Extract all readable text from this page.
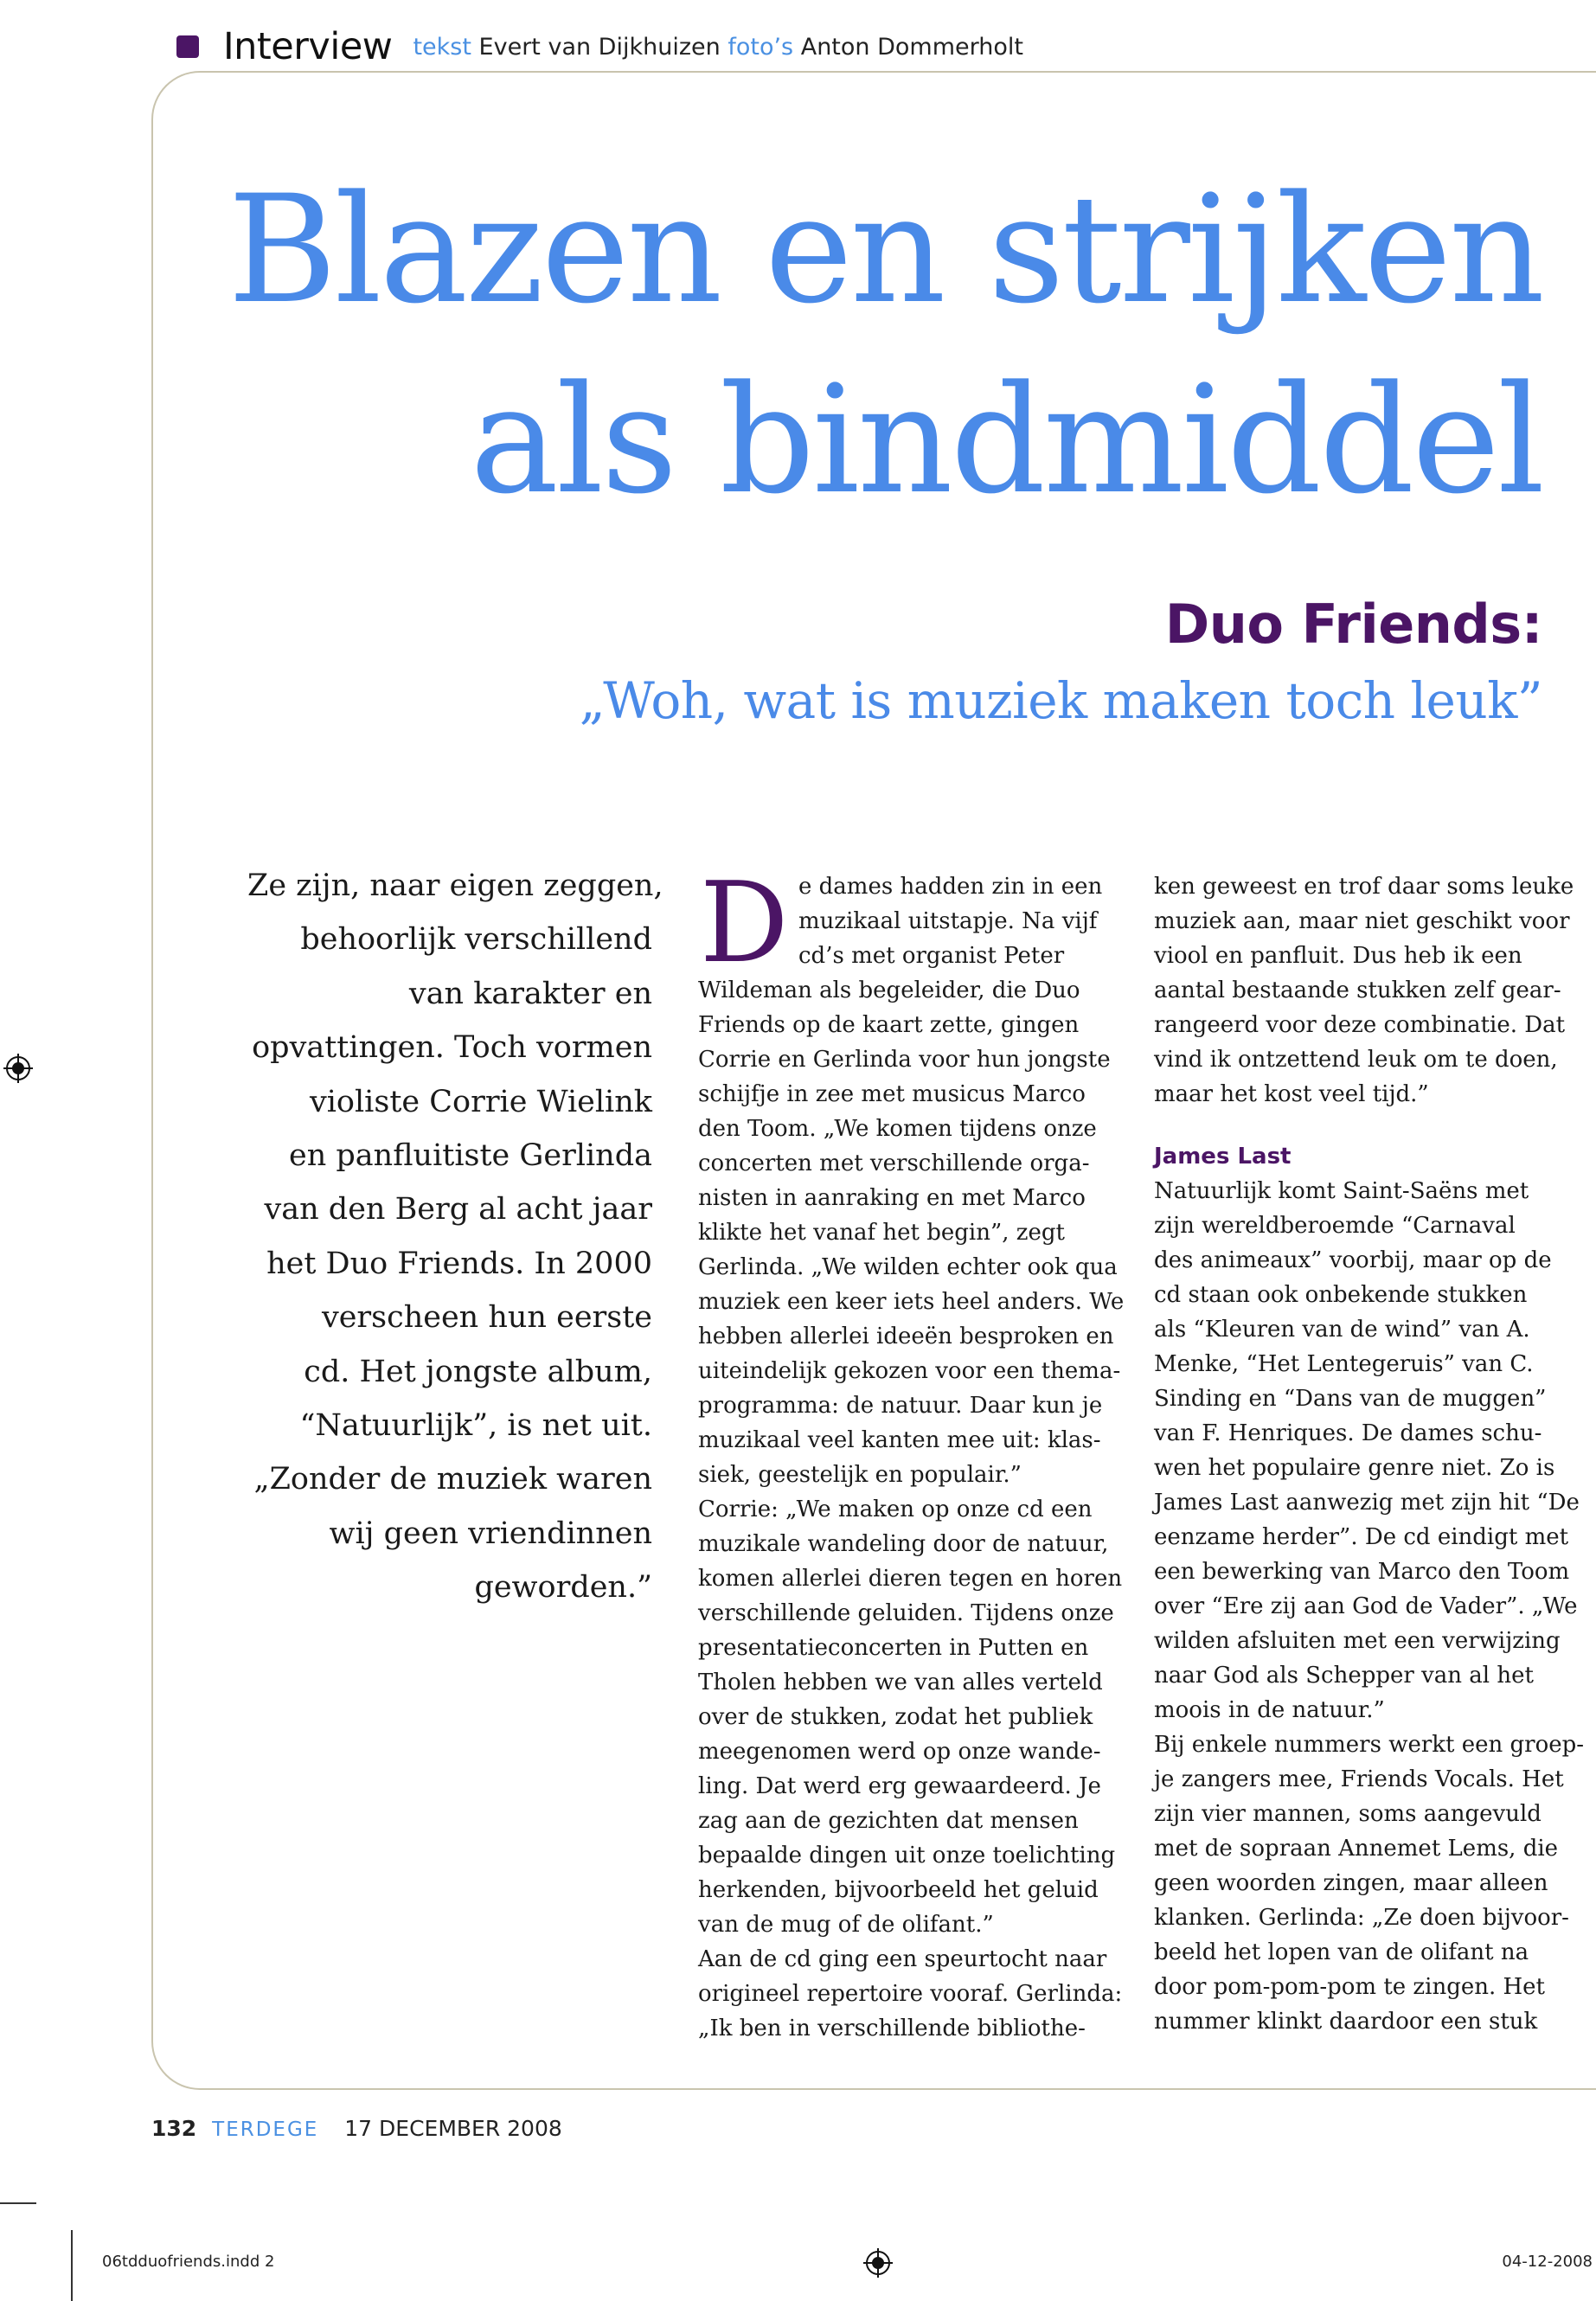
Interview tekst Evert van Dijkhuizen foto’s Anton Dommerholt
Blazen en strijken
als bindmiddel
Duo Friends:
„Woh, wat is muziek maken toch leuk”
Ze zijn, naar eigen zeggen,
behoorlijk verschillend
van karakter en
opvattingen. Toch vormen
violiste Corrie Wielink
en panfluitiste Gerlinda
van den Berg al acht jaar
het Duo Friends. In 2000
verscheen hun eerste
cd. Het jongste album,
“Natuurlijk”, is net uit.
„Zonder de muziek waren
wij geen vriendinnen
geworden.”
D e dames hadden zin in een
muzikaal uitstapje. Na vijf
cd’s met organist Peter
Wildeman als begeleider, die Duo
Friends op de kaart zette, gingen
Corrie en Gerlinda voor hun jongste
schijfje in zee met musicus Marco
den Toom. „We komen tijdens onze
concerten met verschillende orga-
nisten in aanraking en met Marco
klikte het vanaf het begin”, zegt
Gerlinda. „We wilden echter ook qua
muziek een keer iets heel anders. We
hebben allerlei ideeën besproken en
uiteindelijk gekozen voor een thema-
programma: de natuur. Daar kun je
muzikaal veel kanten mee uit: klas-
siek, geestelijk en populair.”
Corrie: „We maken op onze cd een
muzikale wandeling door de natuur,
komen allerlei dieren tegen en horen
verschillende geluiden. Tijdens onze
presentatieconcerten in Putten en
Tholen hebben we van alles verteld
over de stukken, zodat het publiek
meegenomen werd op onze wande-
ling. Dat werd erg gewaardeerd. Je
zag aan de gezichten dat mensen
bepaalde dingen uit onze toelichting
herkenden, bijvoorbeeld het geluid
van de mug of de olifant.”
Aan de cd ging een speurtocht naar
origineel repertoire vooraf. Gerlinda:
„Ik ben in verschillende bibliothe-
ken geweest en trof daar soms leuke
muziek aan, maar niet geschikt voor
viool en panfluit. Dus heb ik een
aantal bestaande stukken zelf gear-
rangeerd voor deze combinatie. Dat
vind ik ontzettend leuk om te doen,
maar het kost veel tijd.”
James Last
Natuurlijk komt Saint-Saëns met
zijn wereldberoemde “Carnaval
des animeaux” voorbij, maar op de
cd staan ook onbekende stukken
als “Kleuren van de wind” van A.
Menke, “Het Lentegeruis” van C.
Sinding en “Dans van de muggen”
van F. Henriques. De dames schu-
wen het populaire genre niet. Zo is
James Last aanwezig met zijn hit “De
eenzame herder”. De cd eindigt met
een bewerking van Marco den Toom
over “Ere zij aan God de Vader”. „We
wilden afsluiten met een verwijzing
naar God als Schepper van al het
moois in de natuur.”
Bij enkele nummers werkt een groep-
je zangers mee, Friends Vocals. Het
zijn vier mannen, soms aangevuld
met de sopraan Annemet Lems, die
geen woorden zingen, maar alleen
klanken. Gerlinda: „Ze doen bijvoor-
beeld het lopen van de olifant na
door pom-pom-pom te zingen. Het
nummer klinkt daardoor een stuk
132 TERDEGE 17 DECEMBER 2008
06tdduofriends.indd 2	04-12-2008
